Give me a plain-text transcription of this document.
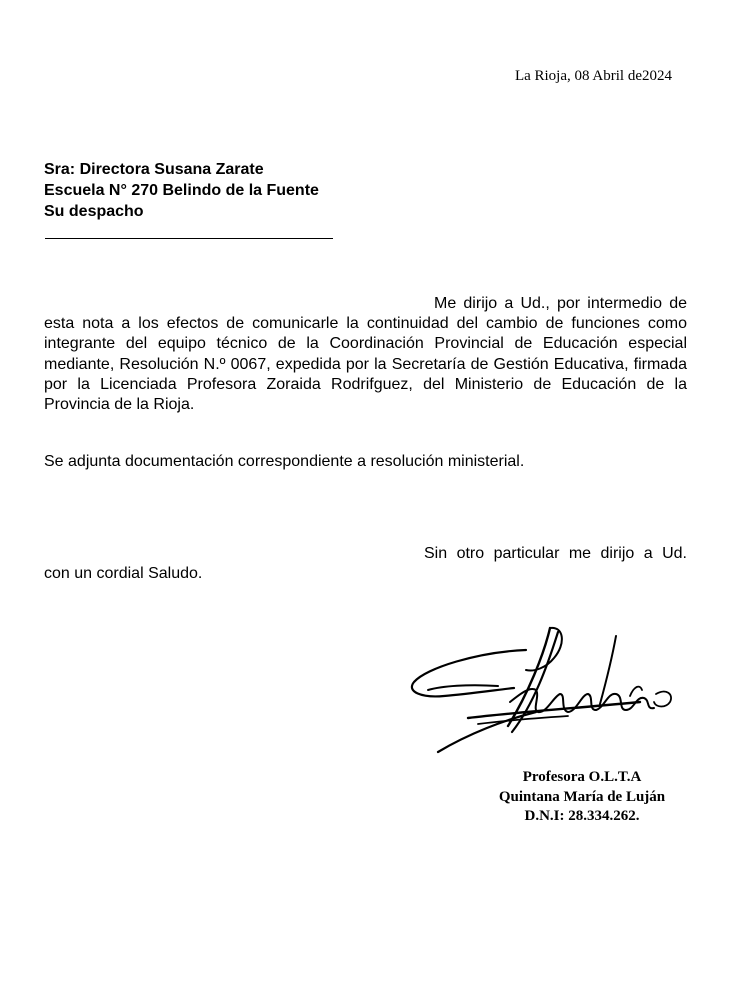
La Rioja, 08 Abril de2024
Sra: Directora Susana Zarate
Escuela N° 270 Belindo de la Fuente
Su despacho
Me dirijo a Ud., por intermedio de esta nota a los efectos de comunicarle la continuidad del cambio de funciones como integrante del equipo técnico de la Coordinación Provincial de Educación especial mediante, Resolución N.º 0067, expedida por la Secretaría de Gestión Educativa, firmada por la Licenciada Profesora Zoraida Rodrifguez, del Ministerio de Educación de la Provincia de la Rioja.
Se adjunta documentación correspondiente a resolución ministerial.
Sin otro particular me dirijo a Ud. con un cordial Saludo.
Profesora O.L.T.A
Quintana María de Luján
D.N.I: 28.334.262.
